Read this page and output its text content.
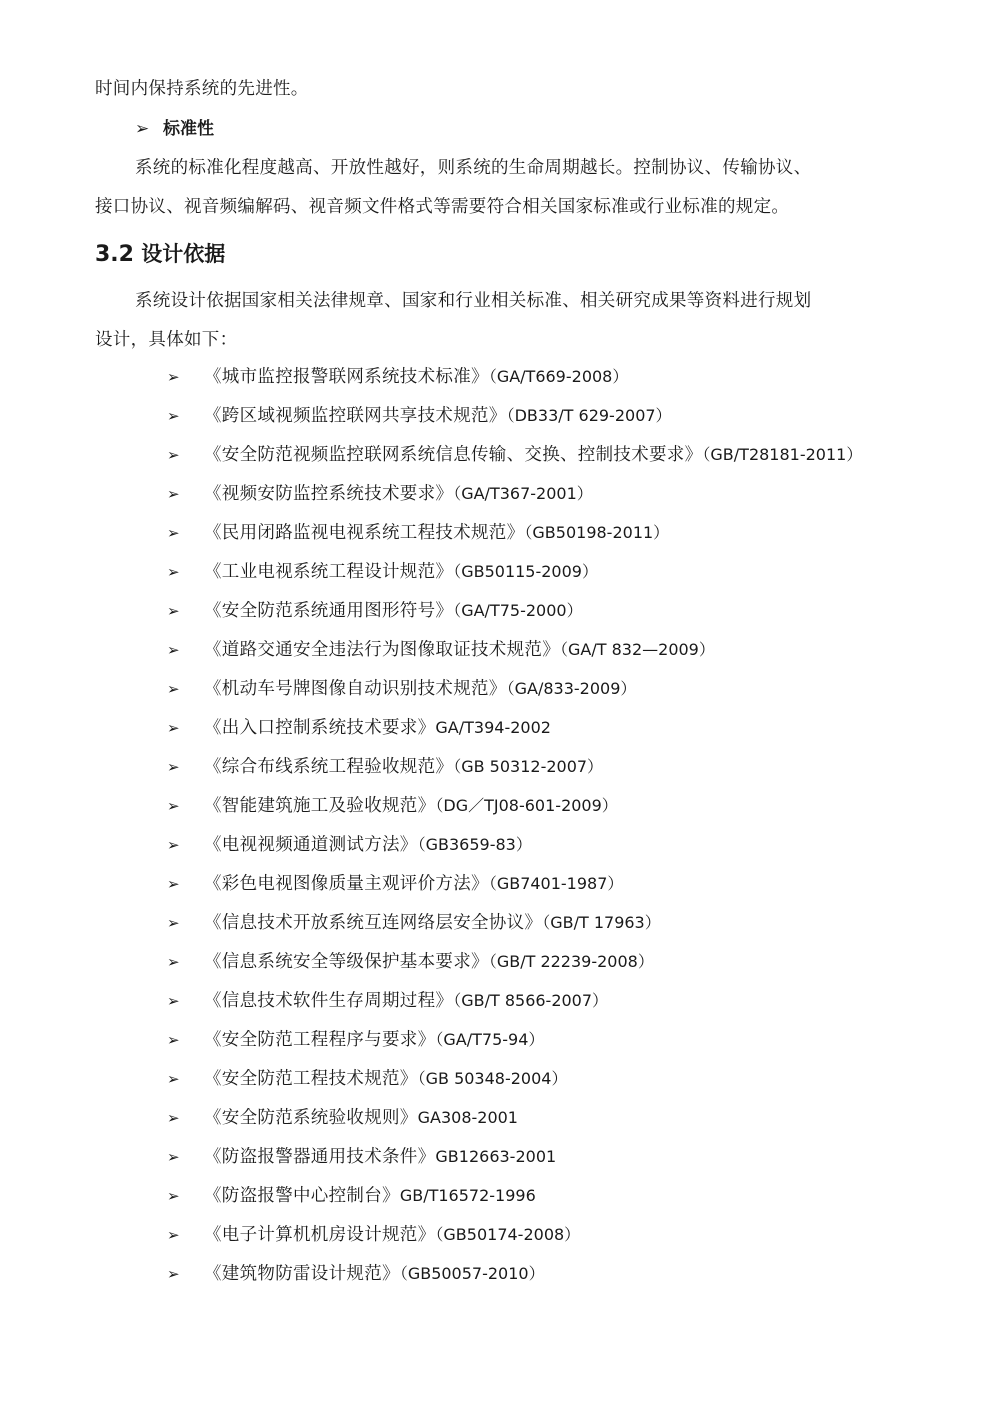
时间内保持系统的先进性。
➢ 标准性
系统的标准化程度越高、开放性越好，则系统的生命周期越长。控制协议、传输协议、
接口协议、视音频编解码、视音频文件格式等需要符合相关国家标准或行业标准的规定。
3.2 设计依据
系统设计依据国家相关法律规章、国家和行业相关标准、相关研究成果等资料进行规划
设计，具体如下：
➢ 《城市监控报警联网系统技术标准》（GA/T669-2008）
➢ 《跨区域视频监控联网共享技术规范》（DB33/T 629-2007）
➢ 《安全防范视频监控联网系统信息传输、交换、控制技术要求》（GB/T28181-2011）
➢ 《视频安防监控系统技术要求》（GA/T367-2001）
➢ 《民用闭路监视电视系统工程技术规范》（GB50198-2011）
➢ 《工业电视系统工程设计规范》（GB50115-2009）
➢ 《安全防范系统通用图形符号》（GA/T75-2000）
➢ 《道路交通安全违法行为图像取证技术规范》（GA/T 832—2009）
➢ 《机动车号牌图像自动识别技术规范》（GA/833-2009）
➢ 《出入口控制系统技术要求》GA/T394-2002
➢ 《综合布线系统工程验收规范》（GB 50312-2007）
➢ 《智能建筑施工及验收规范》（DG／TJ08-601-2009）
➢ 《电视视频通道测试方法》（GB3659-83）
➢ 《彩色电视图像质量主观评价方法》（GB7401-1987）
➢ 《信息技术开放系统互连网络层安全协议》（GB/T 17963）
➢ 《信息系统安全等级保护基本要求》（GB/T 22239-2008）
➢ 《信息技术软件生存周期过程》（GB/T 8566-2007）
➢ 《安全防范工程程序与要求》（GA/T75-94）
➢ 《安全防范工程技术规范》（GB 50348-2004）
➢ 《安全防范系统验收规则》GA308-2001
➢ 《防盗报警器通用技术条件》GB12663-2001
➢ 《防盗报警中心控制台》GB/T16572-1996
➢ 《电子计算机机房设计规范》（GB50174-2008）
➢ 《建筑物防雷设计规范》（GB50057-2010）
